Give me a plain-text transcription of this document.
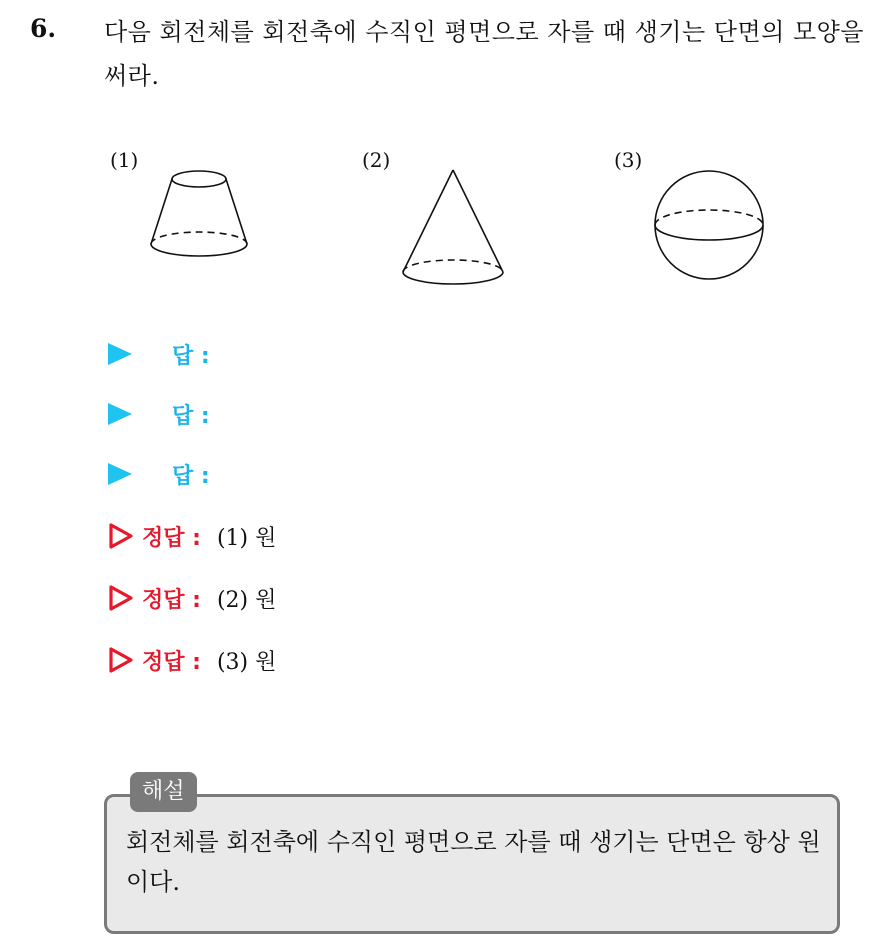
6. 다음 회전체를 회전축에 수직인 평면으로 자를 때 생기는 단면의 모양을 써라.
(1)	(2)	(3)
답 :
답 :
답 :
정답 : (1) 원
정답 : (2) 원
정답 : (3) 원
해설
회전체를 회전축에 수직인 평면으로 자를 때 생기는 단면은 항상 원이다.
